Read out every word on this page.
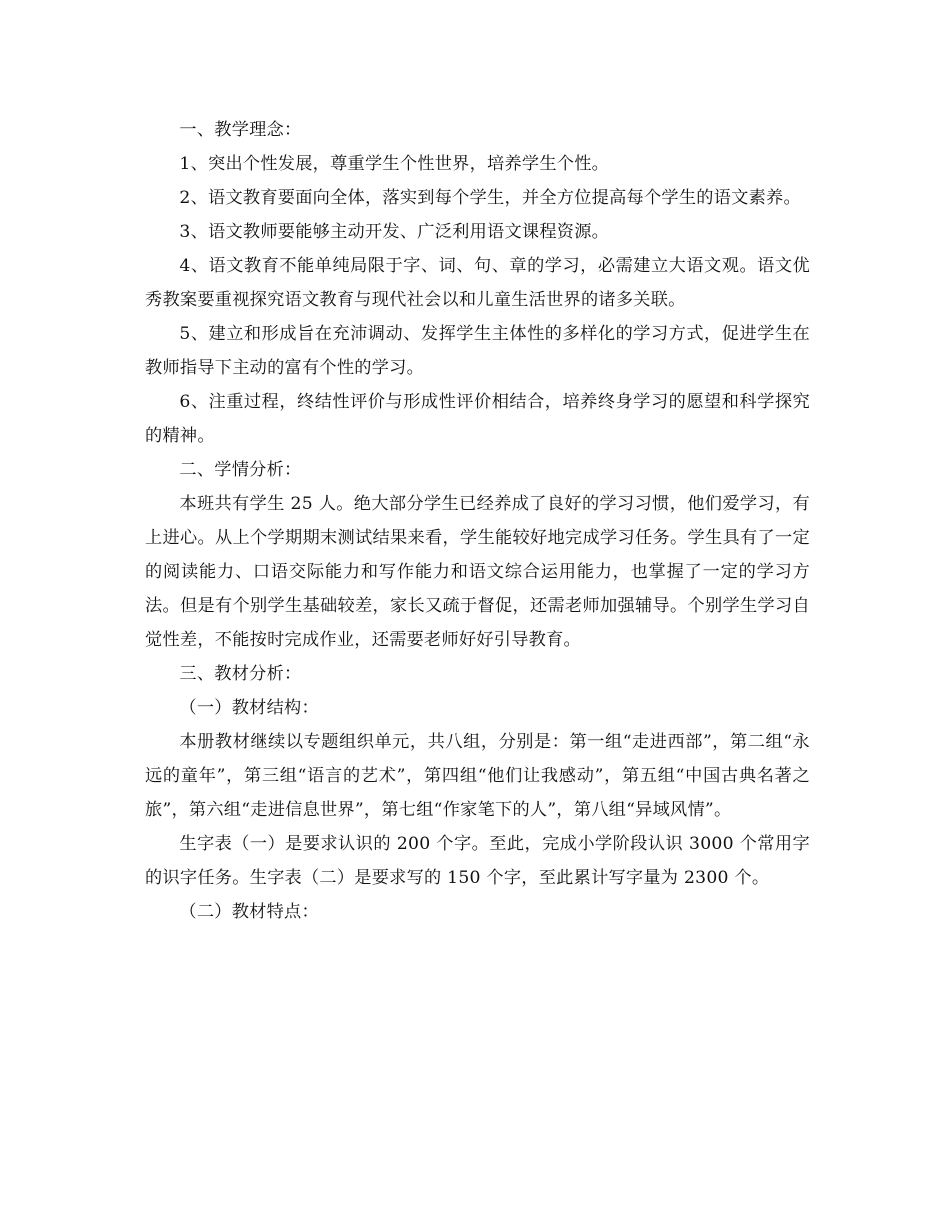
一、教学理念：

1、突出个性发展，尊重学生个性世界，培养学生个性。

2、语文教育要面向全体，落实到每个学生，并全方位提高每个学生的语文素养。

3、语文教师要能够主动开发、广泛利用语文课程资源。

4、语文教育不能单纯局限于字、词、句、章的学习，必需建立大语文观。语文优秀教案要重视探究语文教育与现代社会以和儿童生活世界的诸多关联。

5、建立和形成旨在充沛调动、发挥学生主体性的多样化的学习方式，促进学生在教师指导下主动的富有个性的学习。

6、注重过程，终结性评价与形成性评价相结合，培养终身学习的愿望和科学探究的精神。

二、学情分析：

本班共有学生 25 人。绝大部分学生已经养成了良好的学习习惯，他们爱学习，有上进心。从上个学期期末测试结果来看，学生能较好地完成学习任务。学生具有了一定的阅读能力、口语交际能力和写作能力和语文综合运用能力，也掌握了一定的学习方法。但是有个别学生基础较差，家长又疏于督促，还需老师加强辅导。个别学生学习自觉性差，不能按时完成作业，还需要老师好好引导教育。

三、教材分析：

（一）教材结构：

本册教材继续以专题组织单元，共八组，分别是：第一组“走进西部”，第二组“永远的童年”，第三组“语言的艺术”，第四组“他们让我感动”，第五组“中国古典名著之旅”，第六组“走进信息世界”，第七组“作家笔下的人”，第八组“异域风情”。

生字表（一）是要求认识的 200 个字。至此，完成小学阶段认识 3000 个常用字的识字任务。生字表（二）是要求写的 150 个字，至此累计写字量为 2300 个。

（二）教材特点：
